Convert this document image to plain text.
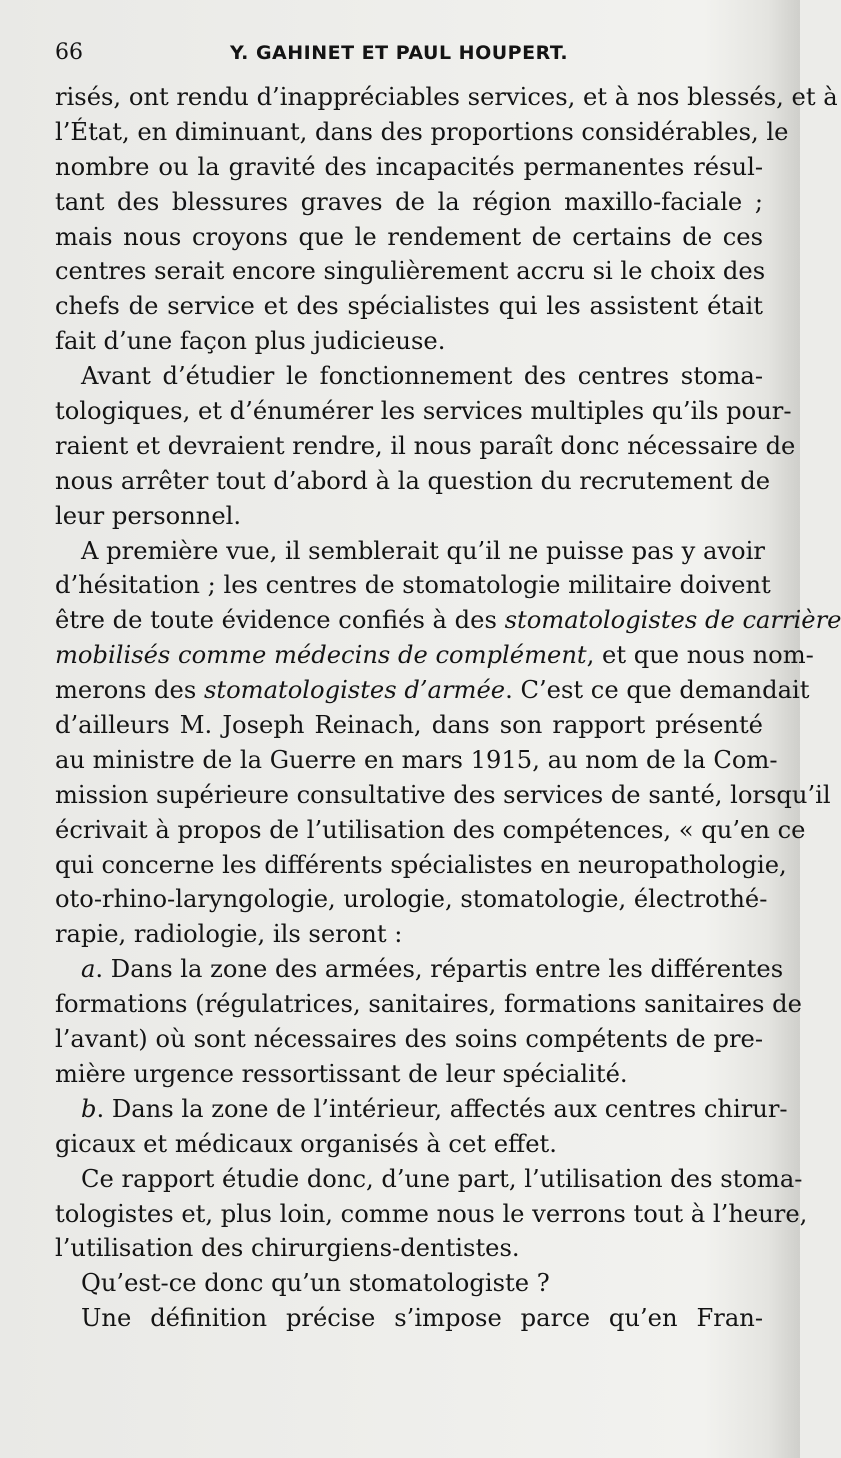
66	Y. GAHINET ET PAUL HOUPERT.
risés, ont rendu d’inappréciables services, et à nos blessés, et à
l’État, en diminuant, dans des proportions considérables, le
nombre ou la gravité des incapacités permanentes résul-
tant des blessures graves de la région maxillo-faciale ;
mais nous croyons que le rendement de certains de ces
centres serait encore singulièrement accru si le choix des
chefs de service et des spécialistes qui les assistent était
fait d’une façon plus judicieuse.
Avant d’étudier le fonctionnement des centres stoma-
tologiques, et d’énumérer les services multiples qu’ils pour-
raient et devraient rendre, il nous paraît donc nécessaire de
nous arrêter tout d’abord à la question du recrutement de
leur personnel.
A première vue, il semblerait qu’il ne puisse pas y avoir
d’hésitation ; les centres de stomatologie militaire doivent
être de toute évidence confiés à des stomatologistes de carrière
mobilisés comme médecins de complément, et que nous nom-
merons des stomatologistes d’armée. C’est ce que demandait
d’ailleurs M. Joseph Reinach, dans son rapport présenté
au ministre de la Guerre en mars 1915, au nom de la Com-
mission supérieure consultative des services de santé, lorsqu’il
écrivait à propos de l’utilisation des compétences, « qu’en ce
qui concerne les différents spécialistes en neuropathologie,
oto-rhino-laryngologie, urologie, stomatologie, électrothé-
rapie, radiologie, ils seront :
a. Dans la zone des armées, répartis entre les différentes
formations (régulatrices, sanitaires, formations sanitaires de
l’avant) où sont nécessaires des soins compétents de pre-
mière urgence ressortissant de leur spécialité.
b. Dans la zone de l’intérieur, affectés aux centres chirur-
gicaux et médicaux organisés à cet effet.
Ce rapport étudie donc, d’une part, l’utilisation des stoma-
tologistes et, plus loin, comme nous le verrons tout à l’heure,
l’utilisation des chirurgiens-dentistes.
Qu’est-ce donc qu’un stomatologiste ?
Une définition précise s’impose parce qu’en Fran-
